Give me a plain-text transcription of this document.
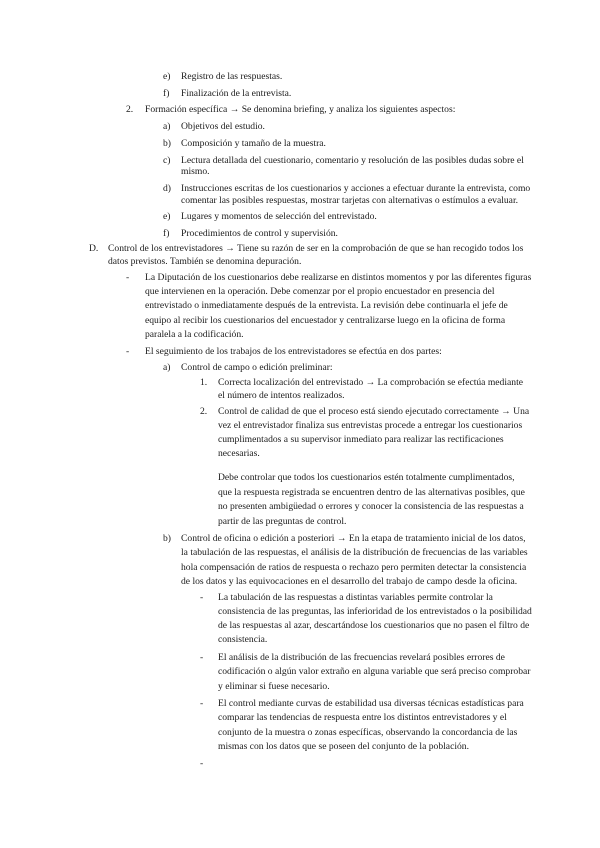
e) Registro de las respuestas.
f) Finalización de la entrevista.
2. Formación específica → Se denomina briefing, y analiza los siguientes aspectos:
a) Objetivos del estudio.
b) Composición y tamaño de la muestra.
c) Lectura detallada del cuestionario, comentario y resolución de las posibles dudas sobre el
mismo.
d) Instrucciones escritas de los cuestionarios y acciones a efectuar durante la entrevista, como
comentar las posibles respuestas, mostrar tarjetas con alternativas o estímulos a evaluar.
e) Lugares y momentos de selección del entrevistado.
f) Procedimientos de control y supervisión.
D. Control de los entrevistadores → Tiene su razón de ser en la comprobación de que se han recogido todos los
datos previstos. También se denomina depuración.
- La Diputación de los cuestionarios debe realizarse en distintos momentos y por las diferentes figuras
que intervienen en la operación. Debe comenzar por el propio encuestador en presencia del
entrevistado o inmediatamente después de la entrevista. La revisión debe continuarla el jefe de
equipo al recibir los cuestionarios del encuestador y centralizarse luego en la oficina de forma
paralela a la codificación.
- El seguimiento de los trabajos de los entrevistadores se efectúa en dos partes:
a) Control de campo o edición preliminar:
1. Correcta localización del entrevistado → La comprobación se efectúa mediante
el número de intentos realizados.
2. Control de calidad de que el proceso está siendo ejecutado correctamente → Una
vez el entrevistador finaliza sus entrevistas procede a entregar los cuestionarios
cumplimentados a su supervisor inmediato para realizar las rectificaciones
necesarias.
Debe controlar que todos los cuestionarios estén totalmente cumplimentados,
que la respuesta registrada se encuentren dentro de las alternativas posibles, que
no presenten ambigüedad o errores y conocer la consistencia de las respuestas a
partir de las preguntas de control.
b) Control de oficina o edición a posteriori → En la etapa de tratamiento inicial de los datos,
la tabulación de las respuestas, el análisis de la distribución de frecuencias de las variables
hola compensación de ratios de respuesta o rechazo pero permiten detectar la consistencia
de los datos y las equivocaciones en el desarrollo del trabajo de campo desde la oficina.
- La tabulación de las respuestas a distintas variables permite controlar la
consistencia de las preguntas, las inferioridad de los entrevistados o la posibilidad
de las respuestas al azar, descartándose los cuestionarios que no pasen el filtro de
consistencia.
- El análisis de la distribución de las frecuencias revelará posibles errores de
codificación o algún valor extraño en alguna variable que será preciso comprobar
y eliminar si fuese necesario.
- El control mediante curvas de estabilidad usa diversas técnicas estadísticas para
comparar las tendencias de respuesta entre los distintos entrevistadores y el
conjunto de la muestra o zonas específicas, observando la concordancia de las
mismas con los datos que se poseen del conjunto de la población.
-
